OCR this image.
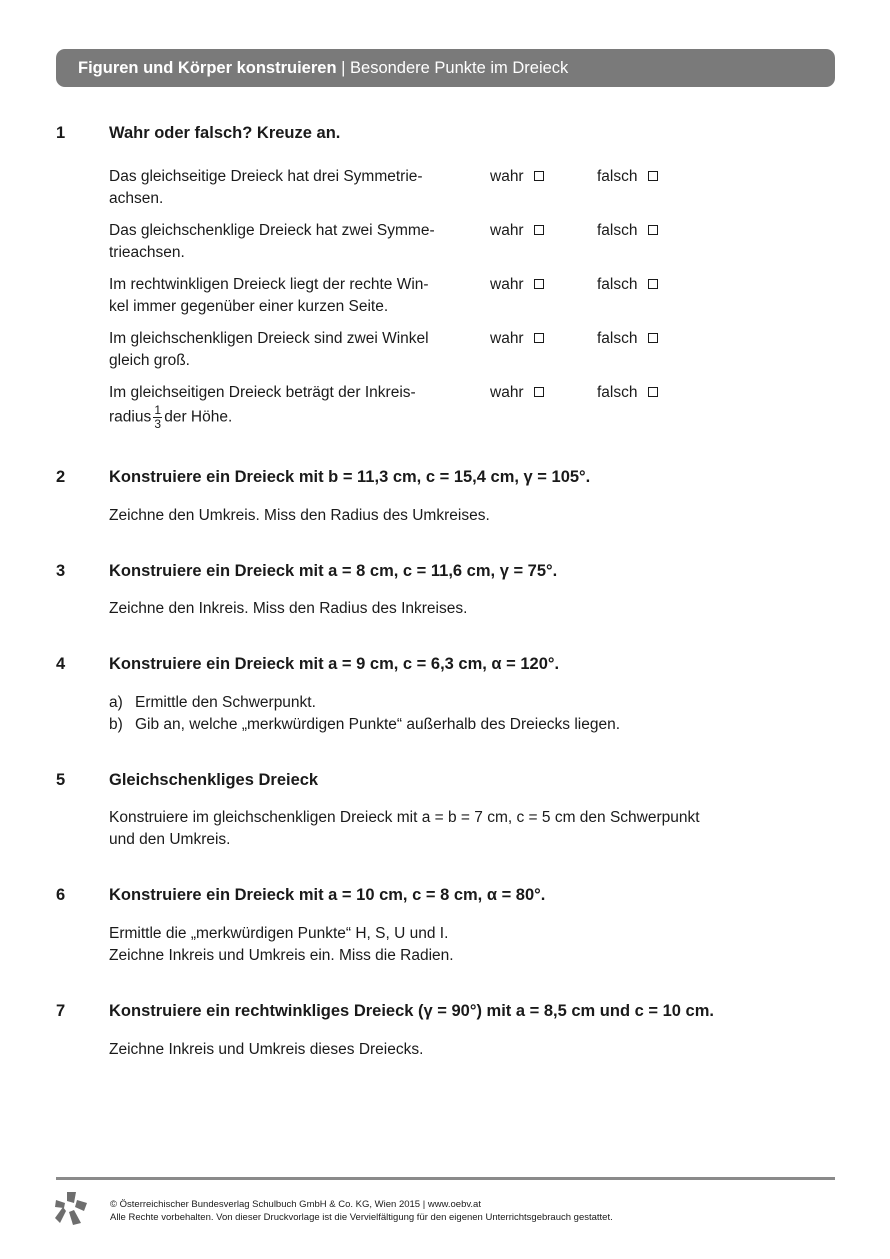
Figuren und Körper konstruieren | Besondere Punkte im Dreieck
1	Wahr oder falsch? Kreuze an.
Das gleichseitige Dreieck hat drei Symmetrie-
achsen.
wahr	falsch
Das gleichschenklige Dreieck hat zwei Symme-
trieachsen.
wahr	falsch
Im rechtwinkligen Dreieck liegt der rechte Win-
kel immer gegenüber einer kurzen Seite.
wahr	falsch
Im gleichschenkligen Dreieck sind zwei Winkel
gleich groß.
wahr	falsch
Im gleichseitigen Dreieck beträgt der Inkreis-
radius $\frac{1}{3}$ der Höhe.
wahr	falsch
2	Konstruiere ein Dreieck mit b = 11,3 cm, c = 15,4 cm, γ = 105°.
Zeichne den Umkreis. Miss den Radius des Umkreises.
3	Konstruiere ein Dreieck mit a = 8 cm, c = 11,6 cm, γ = 75°.
Zeichne den Inkreis. Miss den Radius des Inkreises.
4	Konstruiere ein Dreieck mit a = 9 cm, c = 6,3 cm, α = 120°.
a) Ermittle den Schwerpunkt.
b) Gib an, welche „merkwürdigen Punkte“ außerhalb des Dreiecks liegen.
5	Gleichschenkliges Dreieck
Konstruiere im gleichschenkligen Dreieck mit a = b = 7 cm, c = 5 cm den Schwerpunkt
und den Umkreis.
6	Konstruiere ein Dreieck mit a = 10 cm, c = 8 cm, α = 80°.
Ermittle die „merkwürdigen Punkte“ H, S, U und I.
Zeichne Inkreis und Umkreis ein. Miss die Radien.
7	Konstruiere ein rechtwinkliges Dreieck (γ = 90°) mit a = 8,5 cm und c = 10 cm.
Zeichne Inkreis und Umkreis dieses Dreiecks.
© Österreichischer Bundesverlag Schulbuch GmbH & Co. KG, Wien 2015 | www.oebv.at
Alle Rechte vorbehalten. Von dieser Druckvorlage ist die Vervielfältigung für den eigenen Unterrichtsgebrauch gestattet.
